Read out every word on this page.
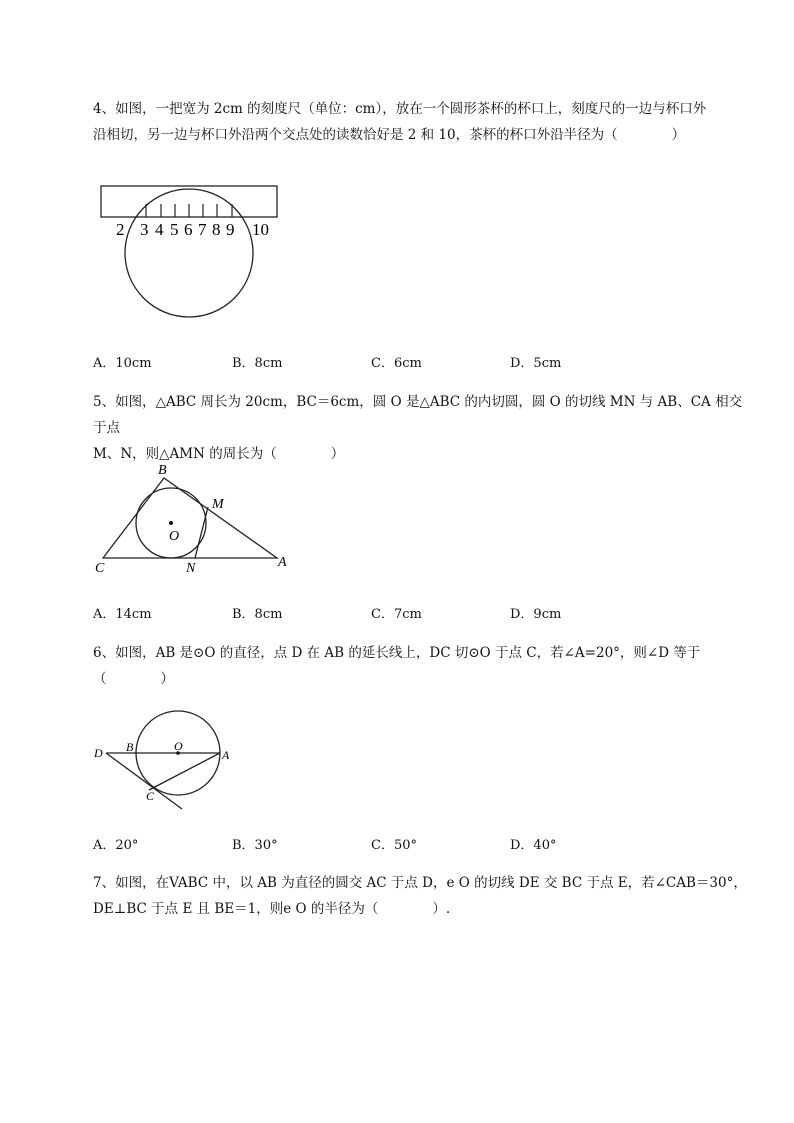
4、如图，一把宽为 2cm 的刻度尺（单位：cm），放在一个圆形茶杯的杯口上，刻度尺的一边与杯口外

沿相切，另一边与杯口外沿两个交点处的读数恰好是 2 和 10，茶杯的杯口外沿半径为（　　　　）

2 3 4 5 6 7 8 9 10
A．10cm	B．8cm	C．6cm	D．5cm

5、如图，△ABC 周长为 20cm，BC＝6cm，圆 O 是△ABC 的内切圆，圆 O 的切线 MN 与 AB、CA 相交于点

M、N，则△AMN 的周长为（　　　　）

B
M
O
C	N	A
A．14cm	B．8cm	C．7cm	D．9cm

6、如图，AB 是⊙O 的直径，点 D 在 AB 的延长线上，DC 切⊙O 于点 C，若∠A=20°，则∠D 等于

（　　　　）

D B	O
A
C
A．20°	B．30°	C．50°	D．40°

7、如图，在VABC 中，以 AB 为直径的圆交 AC 于点 D，e O 的切线 DE 交 BC 于点 E，若∠CAB＝30°，

DE⊥BC 于点 E 且 BE＝1，则e O 的半径为（　　　　）.
